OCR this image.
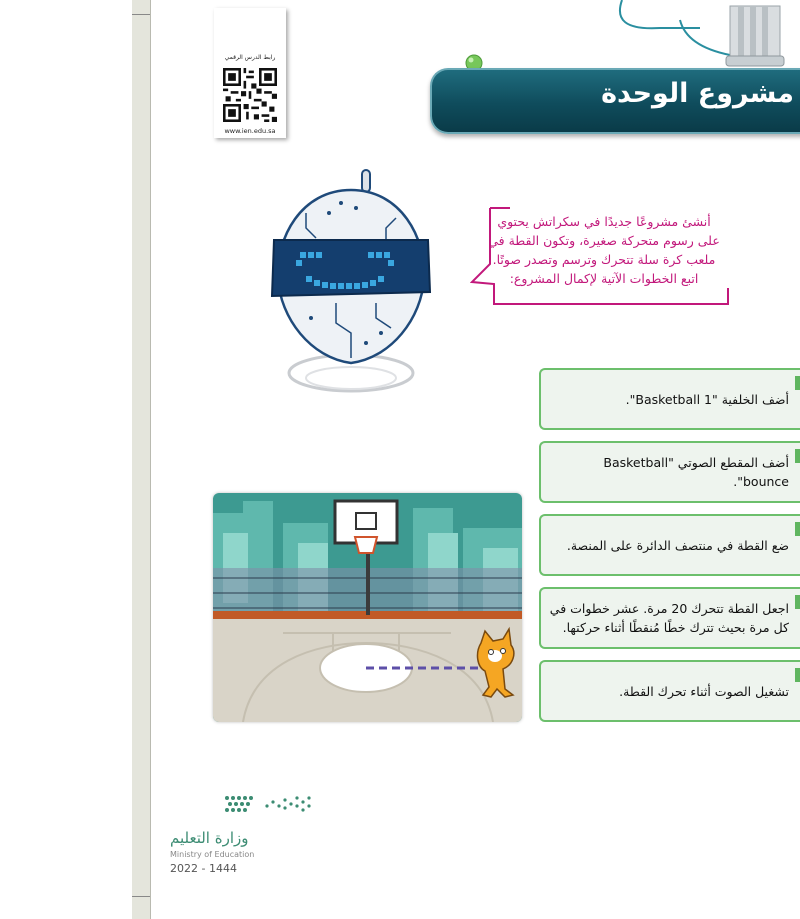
رابط الدرس الرقمي
www.ien.edu.sa
مشروع الوحدة
أنشئ مشروعًا جديدًا في سكراتش يحتوي على رسوم متحركة صغيرة، وتكون القطة في ملعب كرة سلة تتحرك وترسم وتصدر صوتًا. اتبع الخطوات الآتية لإكمال المشروع:
أضف الخلفية "Basketball 1".
أضف المقطع الصوتي "Basketball bounce".
ضع القطة في منتصف الدائرة على المنصة.
اجعل القطة تتحرك 20 مرة. عشر خطوات في كل مرة بحيث تترك خطًا مُنقطًا أثناء حركتها.
تشغيل الصوت أثناء تحرك القطة.
وزارة التعليم
Ministry of Education
2022 - 1444
